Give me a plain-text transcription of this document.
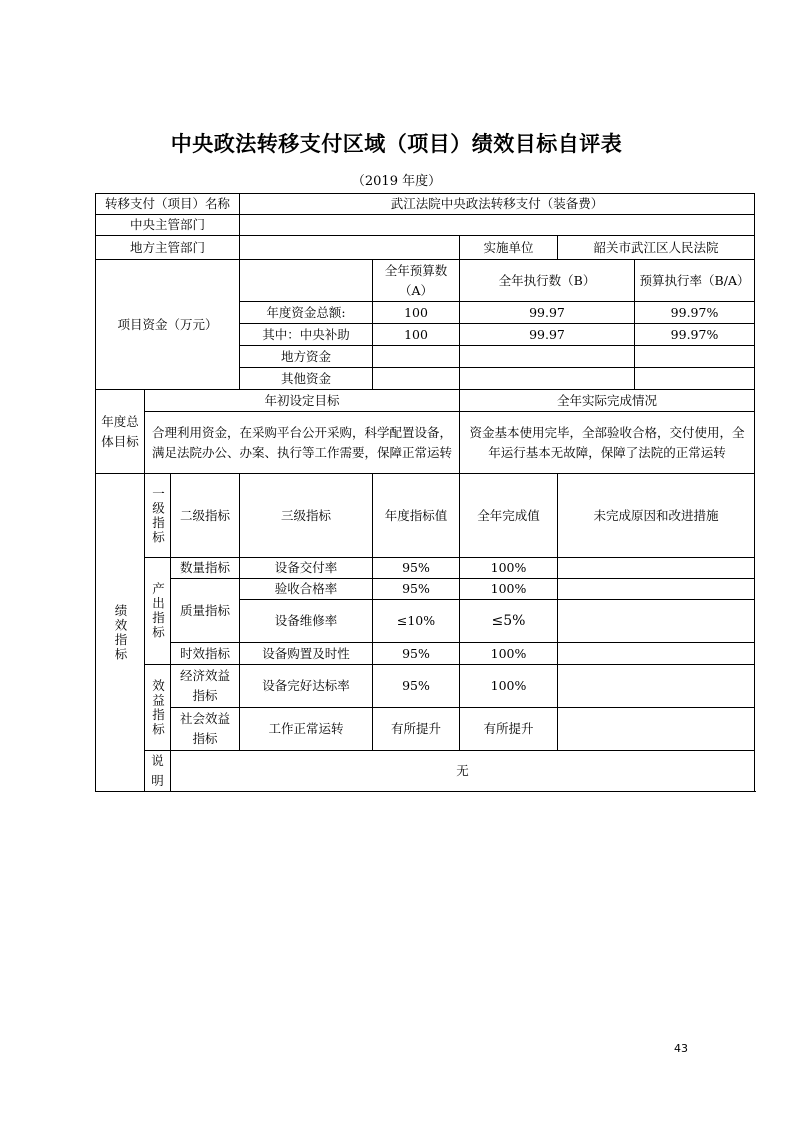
中央政法转移支付区域（项目）绩效目标自评表
（2019 年度）
转移支付（项目）名称			武江法院中央政法转移支付（装备费）				
中央主管部门							
地方主管部门					实施单位	韶关市武江区人民法院	
项目资金（万元）				全年预算数（A）	全年执行数（B）		预算执行率（B/A）
			年度资金总额:	100	99.97		99.97%
			其中：中央补助	100	99.97		99.97%
			地方资金				
			其他资金				
年度总体目标	年初设定目标				全年实际完成情况		
	合理利用资金，在采购平台公开采购，科学配置设备，满足法院办公、办案、执行等工作需要，保障正常运转				资金基本使用完毕，全部验收合格，交付使用，全年运行基本无故障，保障了法院的正常运转		
绩效指标	一级指标	二级指标	三级指标	年度指标值	全年完成值	未完成原因和改进措施	
	产出指标	数量指标	设备交付率	95%	100%		
		质量指标	验收合格率	95%	100%		
			设备维修率	≤10%	≤5%		
		时效指标	设备购置及时性	95%	100%		
	效益指标	经济效益指标	设备完好达标率	95%	100%		
		社会效益指标	工作正常运转	有所提升	有所提升		
	说明	无					
43
